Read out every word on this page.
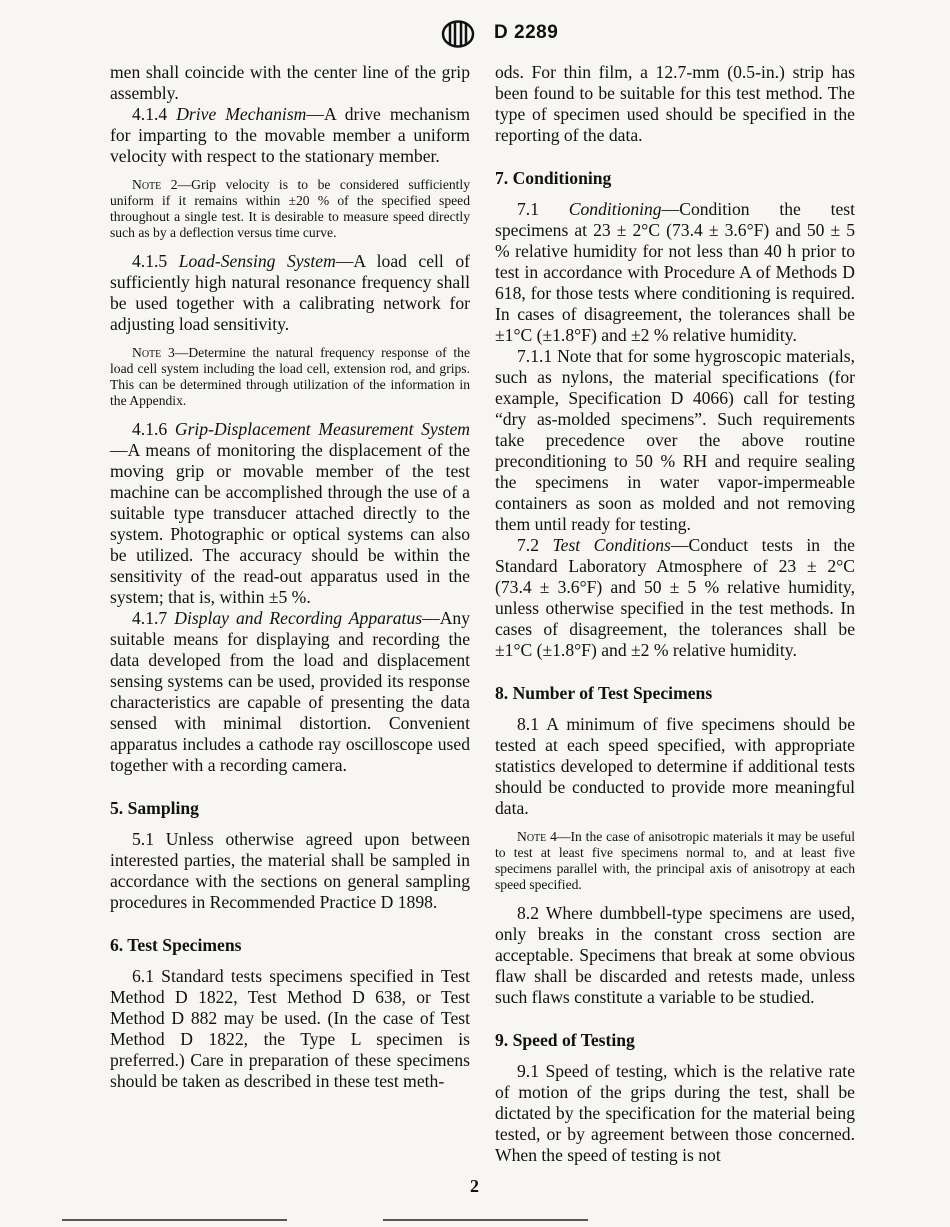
D 2289

men shall coincide with the center line of the grip assembly.

4.1.4 Drive Mechanism—A drive mechanism for imparting to the movable member a uniform velocity with respect to the stationary member.

Note 2—Grip velocity is to be considered sufficiently uniform if it remains within ±20 % of the specified speed throughout a single test. It is desirable to measure speed directly such as by a deflection versus time curve.

4.1.5 Load-Sensing System—A load cell of sufficiently high natural resonance frequency shall be used together with a calibrating network for adjusting load sensitivity.

Note 3—Determine the natural frequency response of the load cell system including the load cell, extension rod, and grips. This can be determined through utilization of the information in the Appendix.

4.1.6 Grip-Displacement Measurement System—A means of monitoring the displacement of the moving grip or movable member of the test machine can be accomplished through the use of a suitable type transducer attached directly to the system. Photographic or optical systems can also be utilized. The accuracy should be within the sensitivity of the read-out apparatus used in the system; that is, within ±5 %.

4.1.7 Display and Recording Apparatus—Any suitable means for displaying and recording the data developed from the load and displacement sensing systems can be used, provided its response characteristics are capable of presenting the data sensed with minimal distortion. Convenient apparatus includes a cathode ray oscilloscope used together with a recording camera.

5. Sampling

5.1 Unless otherwise agreed upon between interested parties, the material shall be sampled in accordance with the sections on general sampling procedures in Recommended Practice D 1898.

6. Test Specimens

6.1 Standard tests specimens specified in Test Method D 1822, Test Method D 638, or Test Method D 882 may be used. (In the case of Test Method D 1822, the Type L specimen is preferred.) Care in preparation of these specimens should be taken as described in these test meth-

ods. For thin film, a 12.7-mm (0.5-in.) strip has been found to be suitable for this test method. The type of specimen used should be specified in the reporting of the data.

7. Conditioning

7.1 Conditioning—Condition the test specimens at 23 ± 2°C (73.4 ± 3.6°F) and 50 ± 5 % relative humidity for not less than 40 h prior to test in accordance with Procedure A of Methods D 618, for those tests where conditioning is required. In cases of disagreement, the tolerances shall be ±1°C (±1.8°F) and ±2 % relative humidity.

7.1.1 Note that for some hygroscopic materials, such as nylons, the material specifications (for example, Specification D 4066) call for testing “dry as-molded specimens”. Such requirements take precedence over the above routine preconditioning to 50 % RH and require sealing the specimens in water vapor-impermeable containers as soon as molded and not removing them until ready for testing.

7.2 Test Conditions—Conduct tests in the Standard Laboratory Atmosphere of 23 ± 2°C (73.4 ± 3.6°F) and 50 ± 5 % relative humidity, unless otherwise specified in the test methods. In cases of disagreement, the tolerances shall be ±1°C (±1.8°F) and ±2 % relative humidity.

8. Number of Test Specimens

8.1 A minimum of five specimens should be tested at each speed specified, with appropriate statistics developed to determine if additional tests should be conducted to provide more meaningful data.

Note 4—In the case of anisotropic materials it may be useful to test at least five specimens normal to, and at least five specimens parallel with, the principal axis of anisotropy at each speed specified.

8.2 Where dumbbell-type specimens are used, only breaks in the constant cross section are acceptable. Specimens that break at some obvious flaw shall be discarded and retests made, unless such flaws constitute a variable to be studied.

9. Speed of Testing

9.1 Speed of testing, which is the relative rate of motion of the grips during the test, shall be dictated by the specification for the material being tested, or by agreement between those concerned. When the speed of testing is not

2
